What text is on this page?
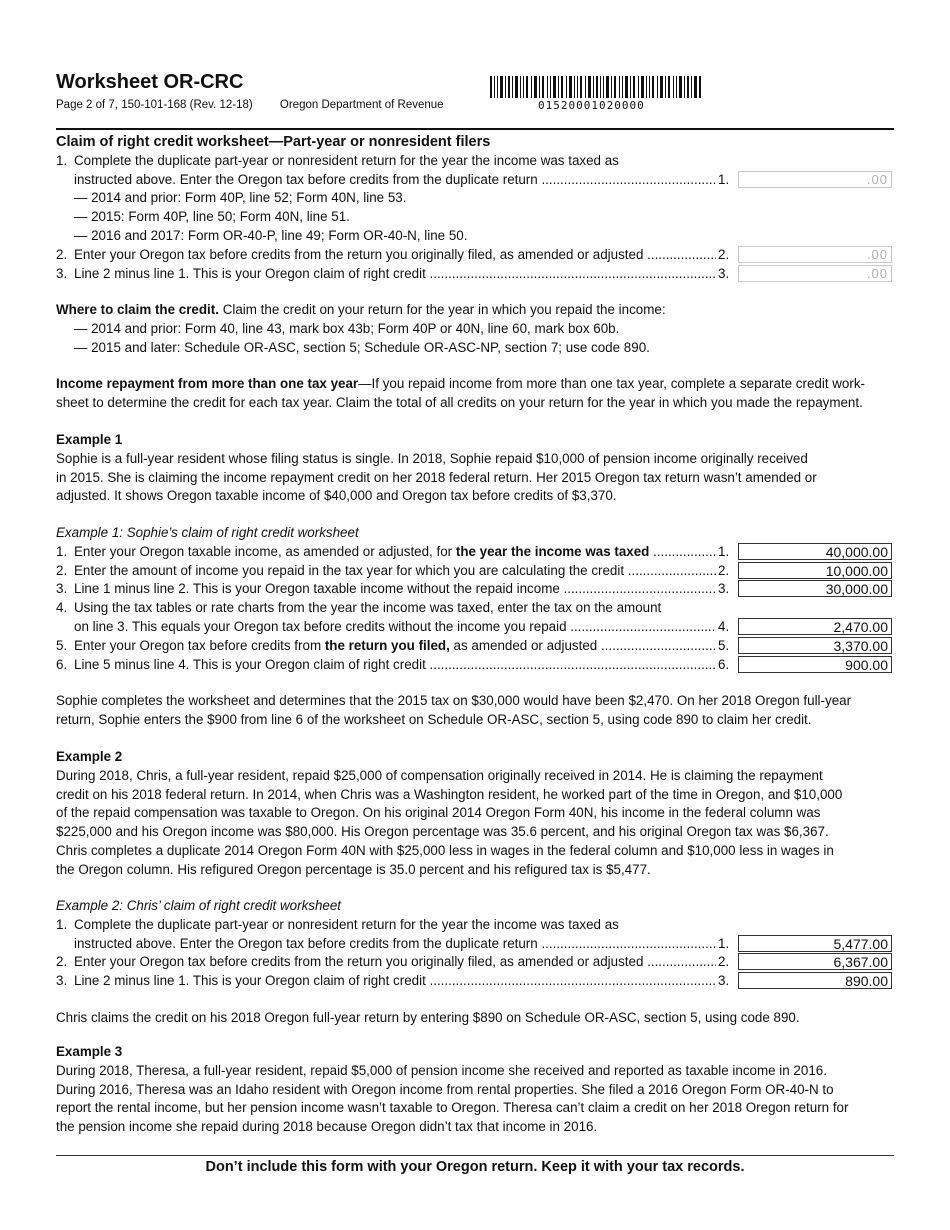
Worksheet OR-CRC
Page 2 of 7, 150-101-168 (Rev. 12-18) Oregon Department of Revenue	01520001020000
Claim of right credit worksheet—Part-year or nonresident filers
1. Complete the duplicate part-year or nonresident return for the year the income was taxed as
instructed above. Enter the Oregon tax before credits from the duplicate return .....	1.	.00
— 2014 and prior: Form 40P, line 52; Form 40N, line 53.
— 2015: Form 40P, line 50; Form 40N, line 51.
— 2016 and 2017: Form OR-40-P, line 49; Form OR-40-N, line 50.
2. Enter your Oregon tax before credits from the return you originally filed, as amended or adjusted .....	2.	.00
3. Line 2 minus line 1. This is your Oregon claim of right credit .....	3.	.00
Where to claim the credit. Claim the credit on your return for the year in which you repaid the income:
— 2014 and prior: Form 40, line 43, mark box 43b; Form 40P or 40N, line 60, mark box 60b.
— 2015 and later: Schedule OR-ASC, section 5; Schedule OR-ASC-NP, section 7; use code 890.
Income repayment from more than one tax year—If you repaid income from more than one tax year, complete a separate credit work-
sheet to determine the credit for each tax year. Claim the total of all credits on your return for the year in which you made the repayment.
Example 1
Sophie is a full-year resident whose filing status is single. In 2018, Sophie repaid $10,000 of pension income originally received
in 2015. She is claiming the income repayment credit on her 2018 federal return. Her 2015 Oregon tax return wasn’t amended or
adjusted. It shows Oregon taxable income of $40,000 and Oregon tax before credits of $3,370.
Example 1: Sophie’s claim of right credit worksheet
1. Enter your Oregon taxable income, as amended or adjusted, for the year the income was taxed .....	1.	40,000.00
2. Enter the amount of income you repaid in the tax year for which you are calculating the credit .....	2.	10,000.00
3. Line 1 minus line 2. This is your Oregon taxable income without the repaid income .....	3.	30,000.00
4. Using the tax tables or rate charts from the year the income was taxed, enter the tax on the amount
on line 3. This equals your Oregon tax before credits without the income you repaid .....	4.	2,470.00
5. Enter your Oregon tax before credits from the return you filed, as amended or adjusted .....	5.	3,370.00
6. Line 5 minus line 4. This is your Oregon claim of right credit .....	6.	900.00
Sophie completes the worksheet and determines that the 2015 tax on $30,000 would have been $2,470. On her 2018 Oregon full-year
return, Sophie enters the $900 from line 6 of the worksheet on Schedule OR-ASC, section 5, using code 890 to claim her credit.
Example 2
During 2018, Chris, a full-year resident, repaid $25,000 of compensation originally received in 2014. He is claiming the repayment
credit on his 2018 federal return. In 2014, when Chris was a Washington resident, he worked part of the time in Oregon, and $10,000
of the repaid compensation was taxable to Oregon. On his original 2014 Oregon Form 40N, his income in the federal column was
$225,000 and his Oregon income was $80,000. His Oregon percentage was 35.6 percent, and his original Oregon tax was $6,367.
Chris completes a duplicate 2014 Oregon Form 40N with $25,000 less in wages in the federal column and $10,000 less in wages in
the Oregon column. His refigured Oregon percentage is 35.0 percent and his refigured tax is $5,477.
Example 2: Chris’ claim of right credit worksheet
1. Complete the duplicate part-year or nonresident return for the year the income was taxed as
instructed above. Enter the Oregon tax before credits from the duplicate return .....	1.	5,477.00
2. Enter your Oregon tax before credits from the return you originally filed, as amended or adjusted .....	2.	6,367.00
3. Line 2 minus line 1. This is your Oregon claim of right credit .....	3.	890.00
Chris claims the credit on his 2018 Oregon full-year return by entering $890 on Schedule OR-ASC, section 5, using code 890.
Example 3
During 2018, Theresa, a full-year resident, repaid $5,000 of pension income she received and reported as taxable income in 2016.
During 2016, Theresa was an Idaho resident with Oregon income from rental properties. She filed a 2016 Oregon Form OR-40-N to
report the rental income, but her pension income wasn’t taxable to Oregon. Theresa can’t claim a credit on her 2018 Oregon return for
the pension income she repaid during 2018 because Oregon didn’t tax that income in 2016.
Don’t include this form with your Oregon return. Keep it with your tax records.
